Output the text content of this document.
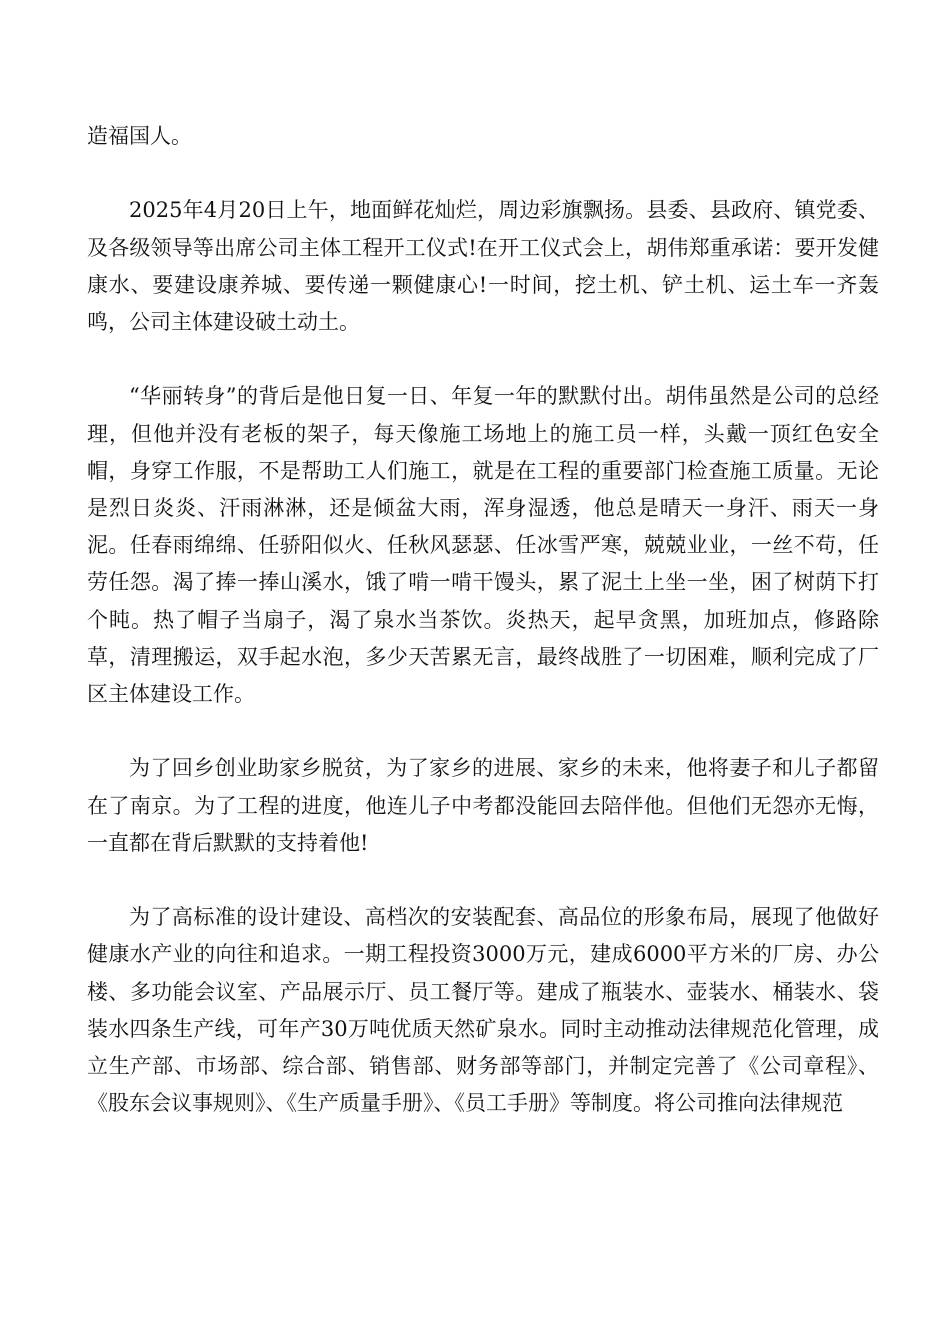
造福国人。

2025年4月20日上午，地面鲜花灿烂，周边彩旗飘扬。县委、县政府、镇党委、及各级领导等出席公司主体工程开工仪式!在开工仪式会上，胡伟郑重承诺：要开发健康水、要建设康养城、要传递一颗健康心!一时间，挖土机、铲土机、运土车一齐轰鸣，公司主体建设破土动土。

“华丽转身”的背后是他日复一日、年复一年的默默付出。胡伟虽然是公司的总经理，但他并没有老板的架子，每天像施工场地上的施工员一样，头戴一顶红色安全帽，身穿工作服，不是帮助工人们施工，就是在工程的重要部门检查施工质量。无论是烈日炎炎、汗雨淋淋，还是倾盆大雨，浑身湿透，他总是晴天一身汗、雨天一身泥。任春雨绵绵、任骄阳似火、任秋风瑟瑟、任冰雪严寒，兢兢业业，一丝不苟，任劳任怨。渴了捧一捧山溪水，饿了啃一啃干馒头，累了泥土上坐一坐，困了树荫下打个盹。热了帽子当扇子，渴了泉水当茶饮。炎热天，起早贪黑，加班加点，修路除草，清理搬运，双手起水泡，多少天苦累无言，最终战胜了一切困难，顺利完成了厂区主体建设工作。

为了回乡创业助家乡脱贫，为了家乡的进展、家乡的未来，他将妻子和儿子都留在了南京。为了工程的进度，他连儿子中考都没能回去陪伴他。但他们无怨亦无悔，一直都在背后默默的支持着他!

为了高标准的设计建设、高档次的安装配套、高品位的形象布局，展现了他做好健康水产业的向往和追求。一期工程投资3000万元，建成6000平方米的厂房、办公楼、多功能会议室、产品展示厅、员工餐厅等。建成了瓶装水、壶装水、桶装水、袋装水四条生产线，可年产30万吨优质天然矿泉水。同时主动推动法律规范化管理，成立生产部、市场部、综合部、销售部、财务部等部门，并制定完善了《公司章程》、《股东会议事规则》、《生产质量手册》、《员工手册》等制度。将公司推向法律规范
